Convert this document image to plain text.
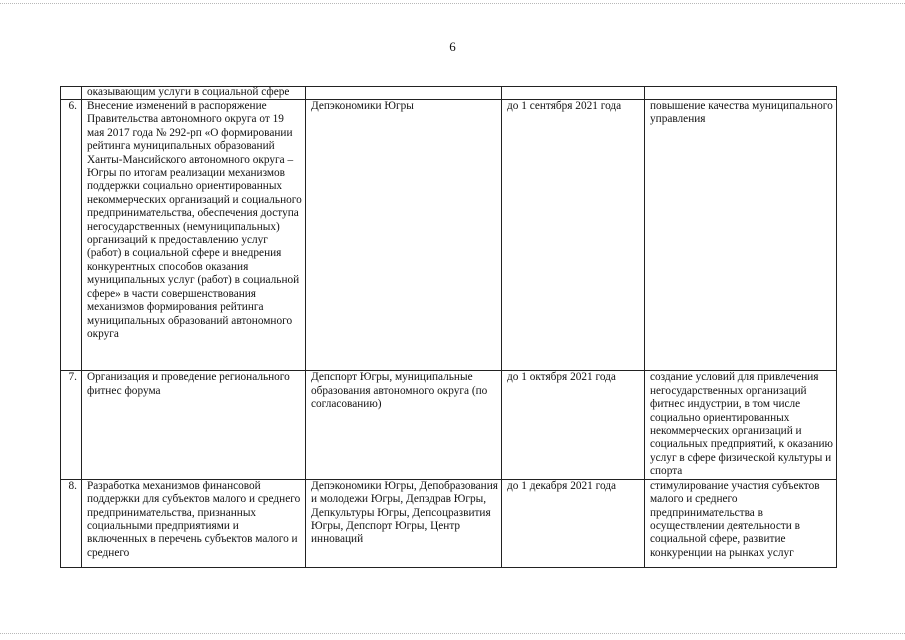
6
	оказывающим услуги в социальной сфере			
6.	Внесение изменений в распоряжение Правительства автономного округа от 19 мая 2017 года № 292-рп «О формировании рейтинга муниципальных образований Ханты-Мансийского автономного округа – Югры по итогам реализации механизмов поддержки социально ориентированных некоммерческих организаций и социального предпринимательства, обеспечения доступа негосударственных (немуниципальных) организаций к предоставлению услуг (работ) в социальной сфере и внедрения конкурентных способов оказания муниципальных услуг (работ) в социальной сфере» в части совершенствования механизмов формирования рейтинга муниципальных образований автономного округа	Депэкономики Югры	до 1 сентября 2021 года	повышение качества муниципального управления
7.	Организация и проведение регионального фитнес форума	Депспорт Югры, муниципальные образования автономного округа (по согласованию)	до 1 октября 2021 года	создание условий для привлечения негосударственных организаций фитнес индустрии, в том числе социально ориентированных некоммерческих организаций и социальных предприятий, к оказанию услуг в сфере физической культуры и спорта
8.	Разработка механизмов финансовой поддержки для субъектов малого и среднего предпринимательства, признанных социальными предприятиями и включенных в перечень субъектов малого и среднего	Депэкономики Югры, Депобразования и молодежи Югры, Депздрав Югры, Депкультуры Югры, Депсоцразвития Югры, Депспорт Югры, Центр инноваций	до 1 декабря 2021 года	стимулирование участия субъектов малого и среднего предпринимательства в осуществлении деятельности в социальной сфере, развитие конкуренции на рынках услуг
